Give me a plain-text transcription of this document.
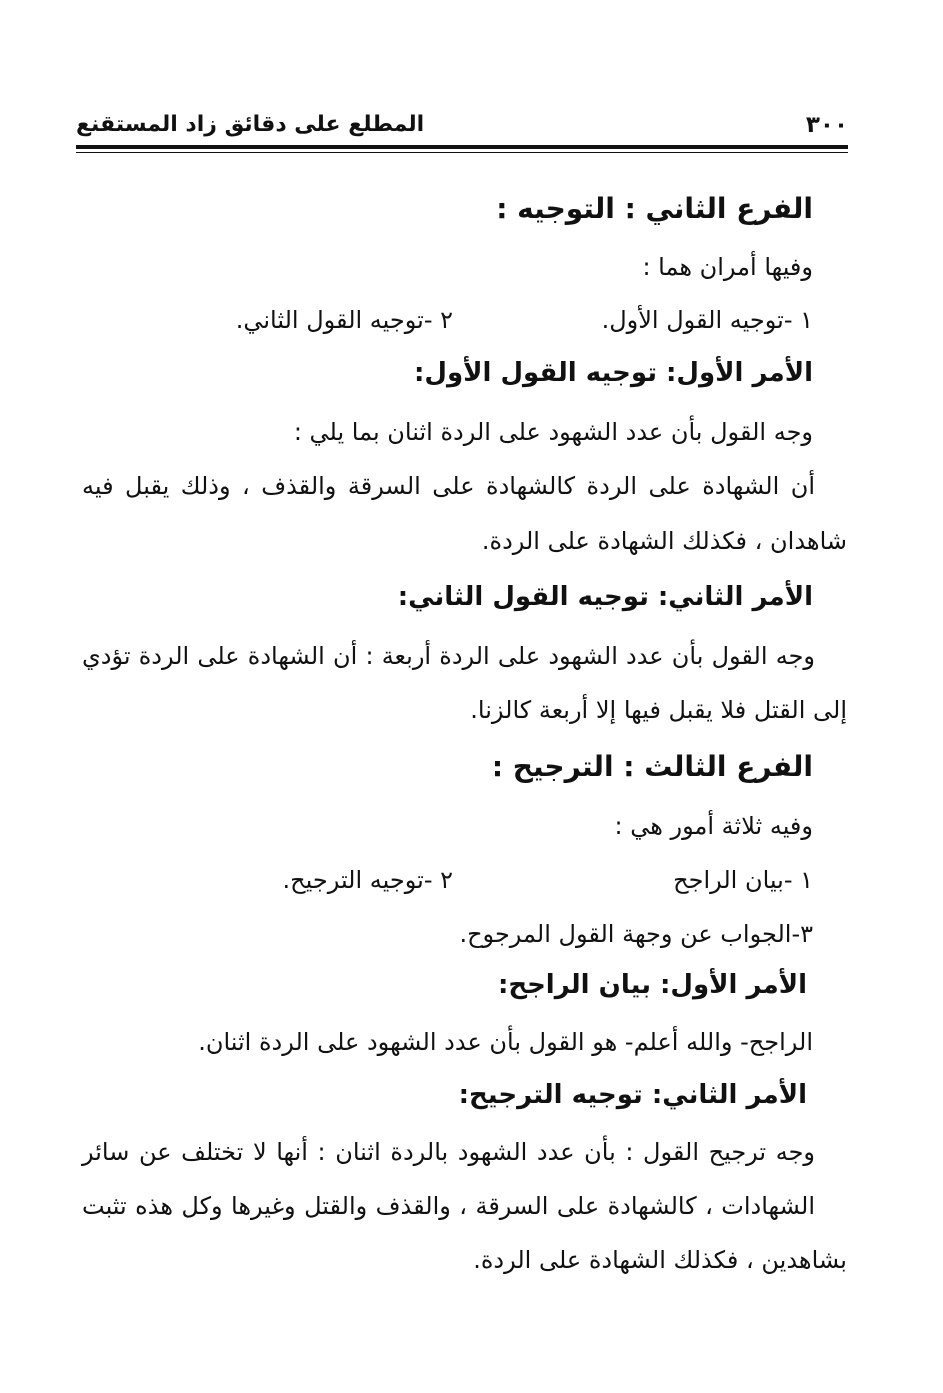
٣٠٠
المطلع على دقائق زاد المستقنع
الفرع الثاني : التوجيه :
وفيها أمران هما :
١ -توجيه القول الأول.
٢ -توجيه القول الثاني.
الأمر الأول: توجيه القول الأول:
وجه القول بأن عدد الشهود على الردة اثنان بما يلي :
أن الشهادة على الردة كالشهادة على السرقة والقذف ، وذلك يقبل فيه
شاهدان ، فكذلك الشهادة على الردة.
الأمر الثاني: توجيه القول الثاني:
وجه القول بأن عدد الشهود على الردة أربعة : أن الشهادة على الردة تؤدي
إلى القتل فلا يقبل فيها إلا أربعة كالزنا.
الفرع الثالث : الترجيح :
وفيه ثلاثة أمور هي :
١ -بيان الراجح
٢ -توجيه الترجيح.
٣-الجواب عن وجهة القول المرجوح.
الأمر الأول: بيان الراجح:
الراجح- والله أعلم- هو القول بأن عدد الشهود على الردة اثنان.
الأمر الثاني: توجيه الترجيح:
وجه ترجيح القول : بأن عدد الشهود بالردة اثنان : أنها لا تختلف عن سائر
الشهادات ، كالشهادة على السرقة ، والقذف والقتل وغيرها وكل هذه تثبت
بشاهدين ، فكذلك الشهادة على الردة.
